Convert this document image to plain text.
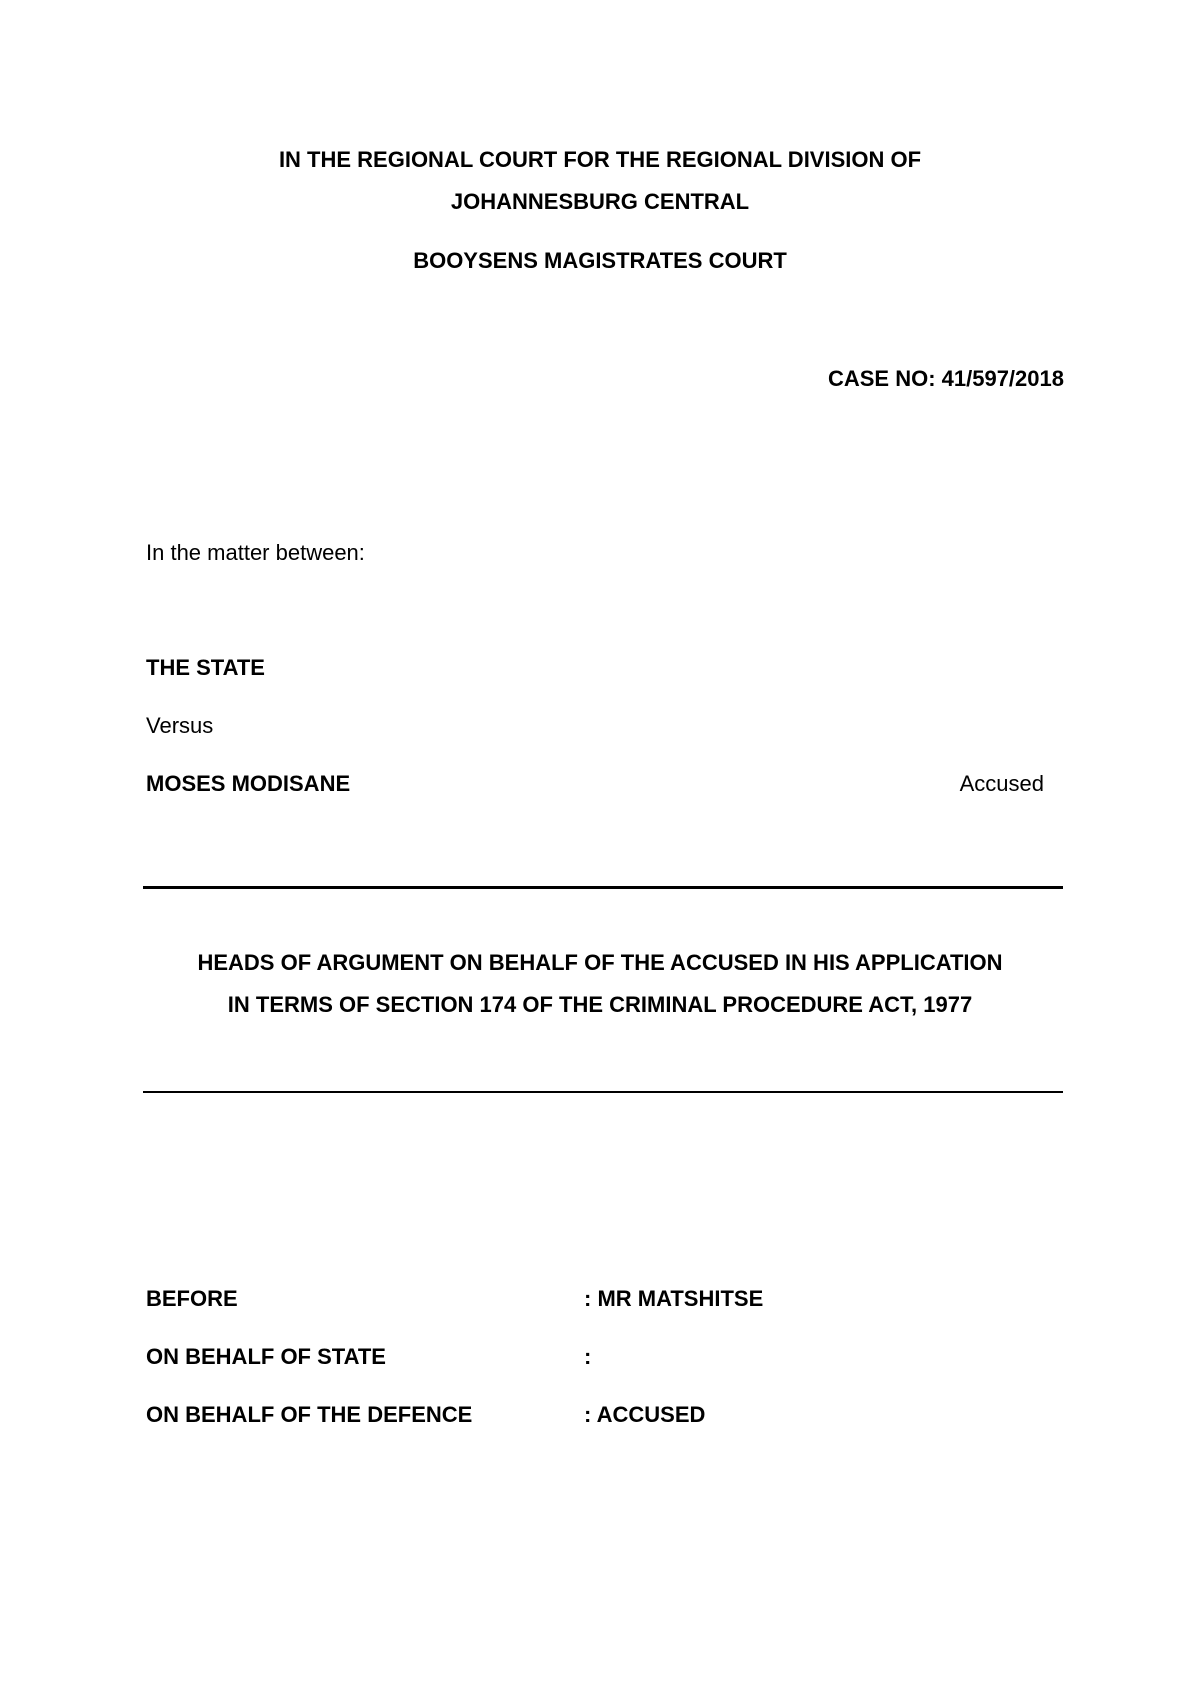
IN THE REGIONAL COURT FOR THE REGIONAL DIVISION OF
JOHANNESBURG CENTRAL
BOOYSENS MAGISTRATES COURT
CASE NO: 41/597/2018
In the matter between:
THE STATE
Versus
MOSES MODISANE	Accused
HEADS OF ARGUMENT ON BEHALF OF THE ACCUSED IN HIS APPLICATION
IN TERMS OF SECTION 174 OF THE CRIMINAL PROCEDURE ACT, 1977
BEFORE	: MR MATSHITSE
ON BEHALF OF STATE	:
ON BEHALF OF THE DEFENCE	: ACCUSED
